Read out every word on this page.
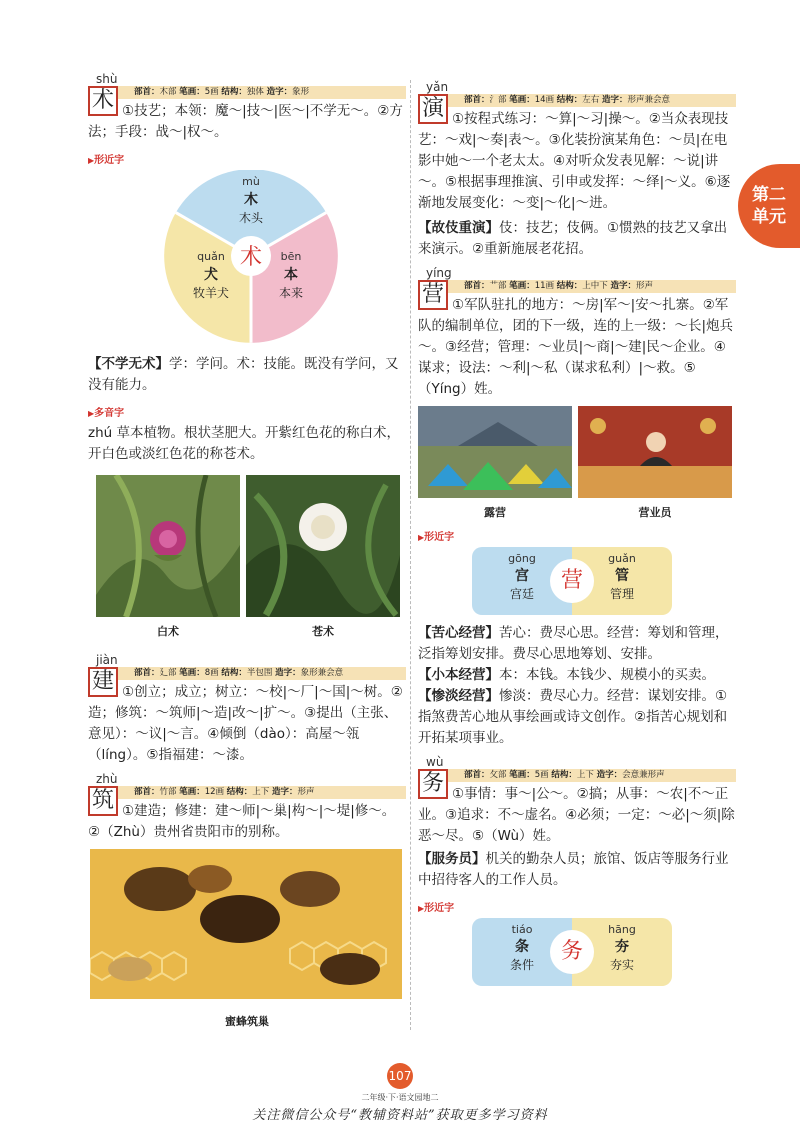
shù
术	部首：木部 笔画：5画 结构：独体 造字：象形
①技艺；本领：魔～|技～|医～|不学无～。②方法；手段：战～|权～。
▶形近字
术
mù
木
木头
bēn
本
本来
quǎn
犬
牧羊犬
【不学无术】学：学问。术：技能。既没有学问，又没有能力。
▶多音字
zhú 草本植物。根状茎肥大。开紫红色花的称白术，开白色或淡红色花的称苍术。
白术	苍术
jiàn
建	部首：廴部 笔画：8画 结构：半包围 造字：象形兼会意
①创立；成立；树立：～校|～厂|～国|～树。②造；修筑：～筑师|～造|改～|扩～。③提出（主张、意见）：～议|～言。④倾倒（dào）：高屋～瓴（líng）。⑤指福建：～漆。
zhù
筑	部首：竹部 笔画：12画 结构：上下 造字：形声
①建造；修建：建～师|～巢|构～|～堤|修～。②（Zhù）贵州省贵阳市的别称。
蜜蜂筑巢
yǎn
演	部首：氵部 笔画：14画 结构：左右 造字：形声兼会意
①按程式练习：～算|～习|操～。②当众表现技艺：～戏|～奏|表～。③化装扮演某角色：～员|在电影中她～一个老太太。④对听众发表见解：～说|讲～。⑤根据事理推演、引申或发挥：～绎|～义。⑥逐渐地发展变化：～变|～化|～进。
【故伎重演】伎：技艺；伎俩。①惯熟的技艺又拿出来演示。②重新施展老花招。
yíng
营	部首：艹部 笔画：11画 结构：上中下 造字：形声
①军队驻扎的地方：～房|军～|安～扎寨。②军队的编制单位，团的下一级，连的上一级：～长|炮兵～。③经营；管理：～业员|～商|～建|民～企业。④谋求；设法：～利|～私（谋求私利）|～救。⑤（Yíng）姓。
露营	营业员
▶形近字
gōng
宫
宫廷
guǎn
管
管理
营
【苦心经营】苦心：费尽心思。经营：筹划和管理，泛指筹划安排。费尽心思地筹划、安排。
【小本经营】本：本钱。本钱少、规模小的买卖。
【惨淡经营】惨淡：费尽心力。经营：谋划安排。①指煞费苦心地从事绘画或诗文创作。②指苦心规划和开拓某项事业。
wù
务	部首：攵部 笔画：5画 结构：上下 造字：会意兼形声
①事情：事～|公～。②搞；从事：～农|不～正业。③追求：不～虚名。④必须；一定：～必|～须|除恶～尽。⑤（Wù）姓。
【服务员】机关的勤杂人员；旅馆、饭店等服务行业中招待客人的工作人员。
▶形近字
tiáo
条
条件
hāng
夯
夯实
务
第二
单元
107
二年级·下·语文园地二
关注微信公众号“教辅资料站”获取更多学习资料
